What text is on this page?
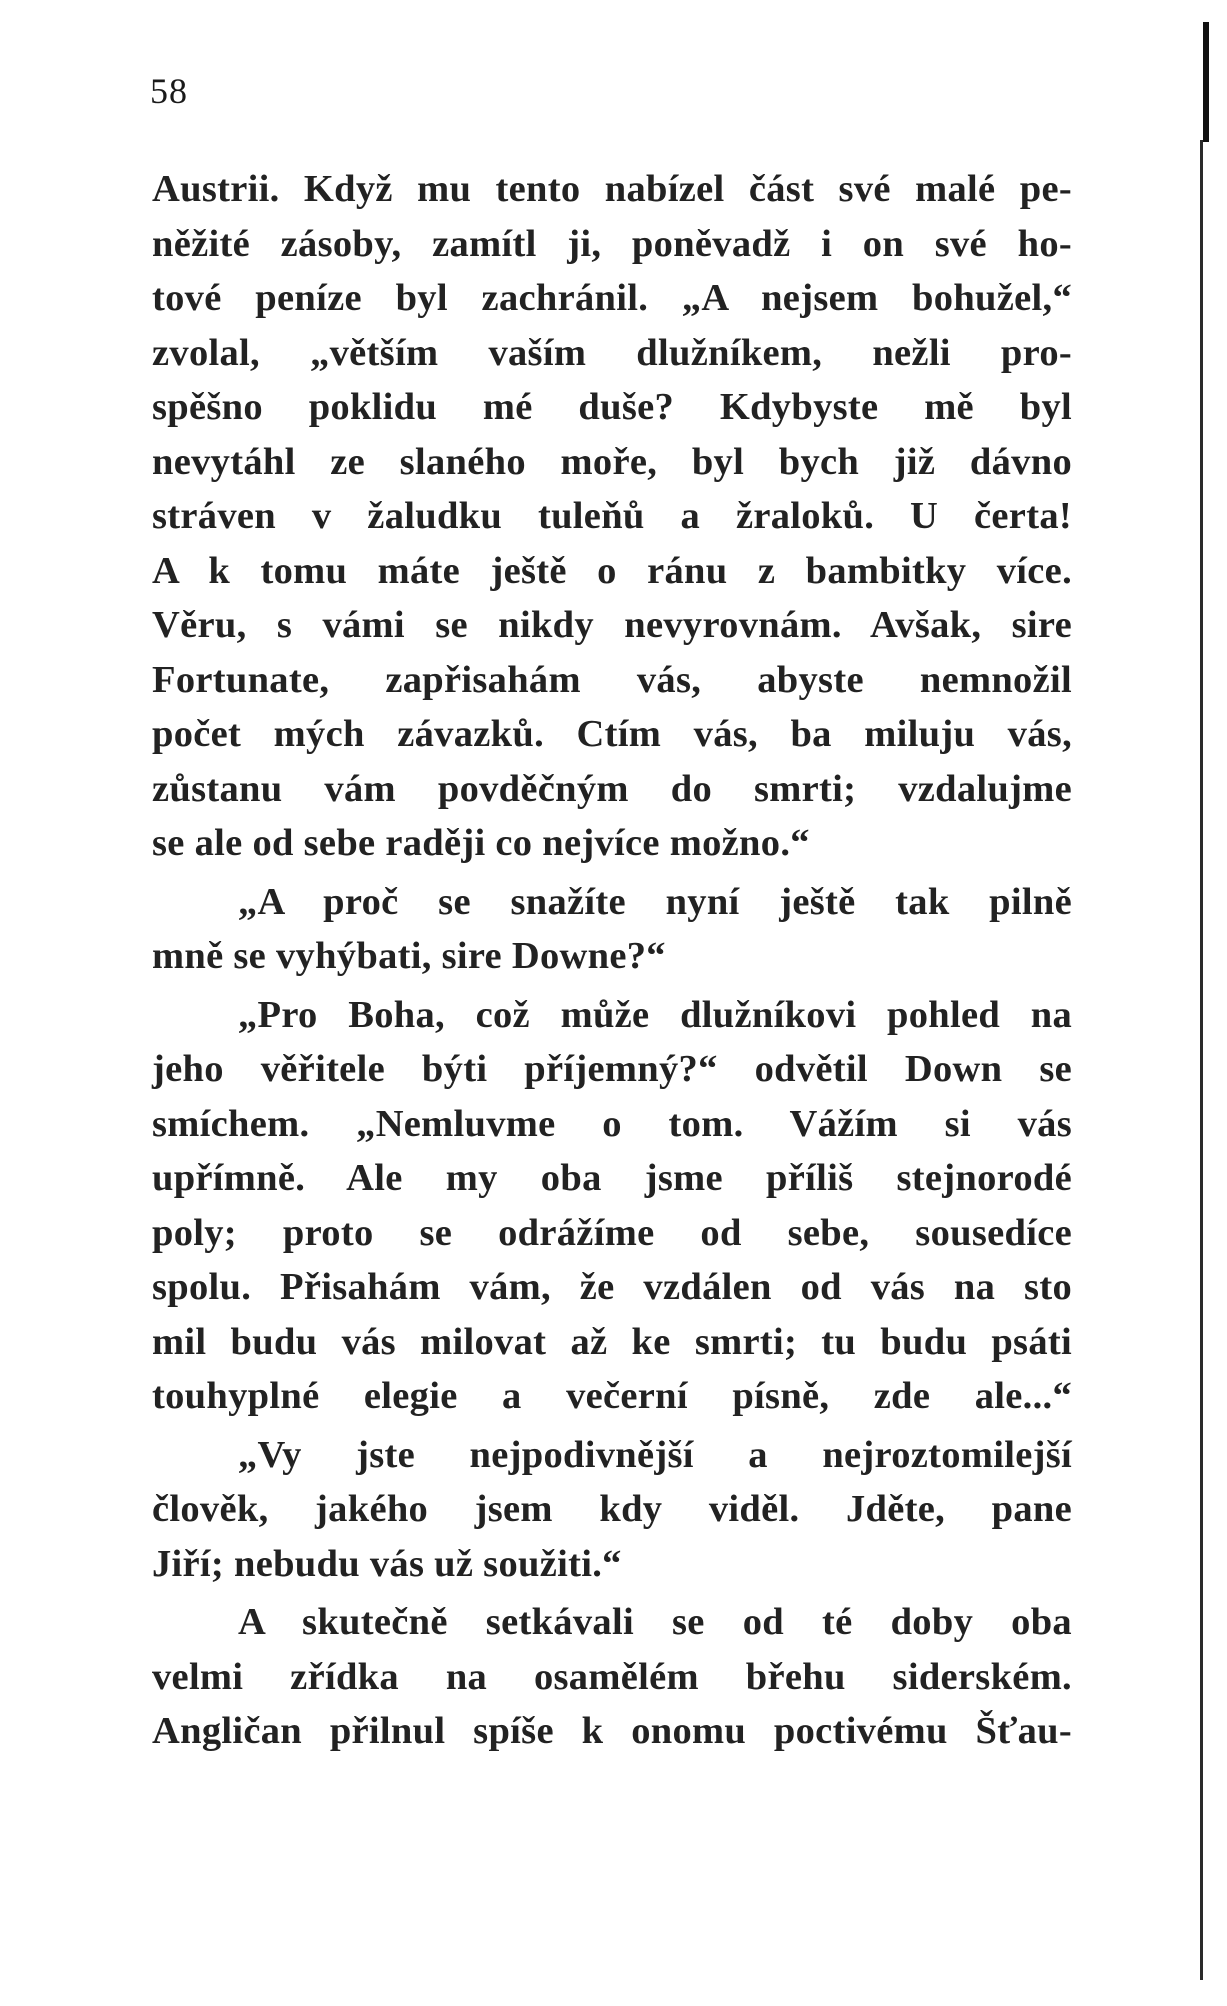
58

Austrii. Když mu tento nabízel část své malé pe-
něžité zásoby, zamítl ji, poněvadž i on své ho-
tové peníze byl zachránil. „A nejsem bohužel,“
zvolal, „větším vaším dlužníkem, nežli pro-
spěšno poklidu mé duše? Kdybyste mě byl
nevytáhl ze slaného moře, byl bych již dávno
stráven v žaludku tuleňů a žraloků. U čerta!
A k tomu máte ještě o ránu z bambitky více.
Věru, s vámi se nikdy nevyrovnám. Avšak, sire
Fortunate, zapřisahám vás, abyste nemnožil
počet mých závazků. Ctím vás, ba miluju vás,
zůstanu vám povděčným do smrti; vzdalujme
se ale od sebe raději co nejvíce možno.“

„A proč se snažíte nyní ještě tak pilně
mně se vyhýbati, sire Downe?“

„Pro Boha, což může dlužníkovi pohled na
jeho věřitele býti příjemný?“ odvětil Down se
smíchem. „Nemluvme o tom. Vážím si vás
upřímně. Ale my oba jsme příliš stejnorodé
poly; proto se odrážíme od sebe, sousedíce
spolu. Přisahám vám, že vzdálen od vás na sto
mil budu vás milovat až ke smrti; tu budu psáti
touhyplné elegie a večerní písně, zde ale...“

„Vy jste nejpodivnější a nejroztomilejší
člověk, jakého jsem kdy viděl. Jděte, pane
Jiří; nebudu vás už soužiti.“

A skutečně setkávali se od té doby oba
velmi zřídka na osamělém břehu siderském.
Angličan přilnul spíše k onomu poctivému Šťau-
